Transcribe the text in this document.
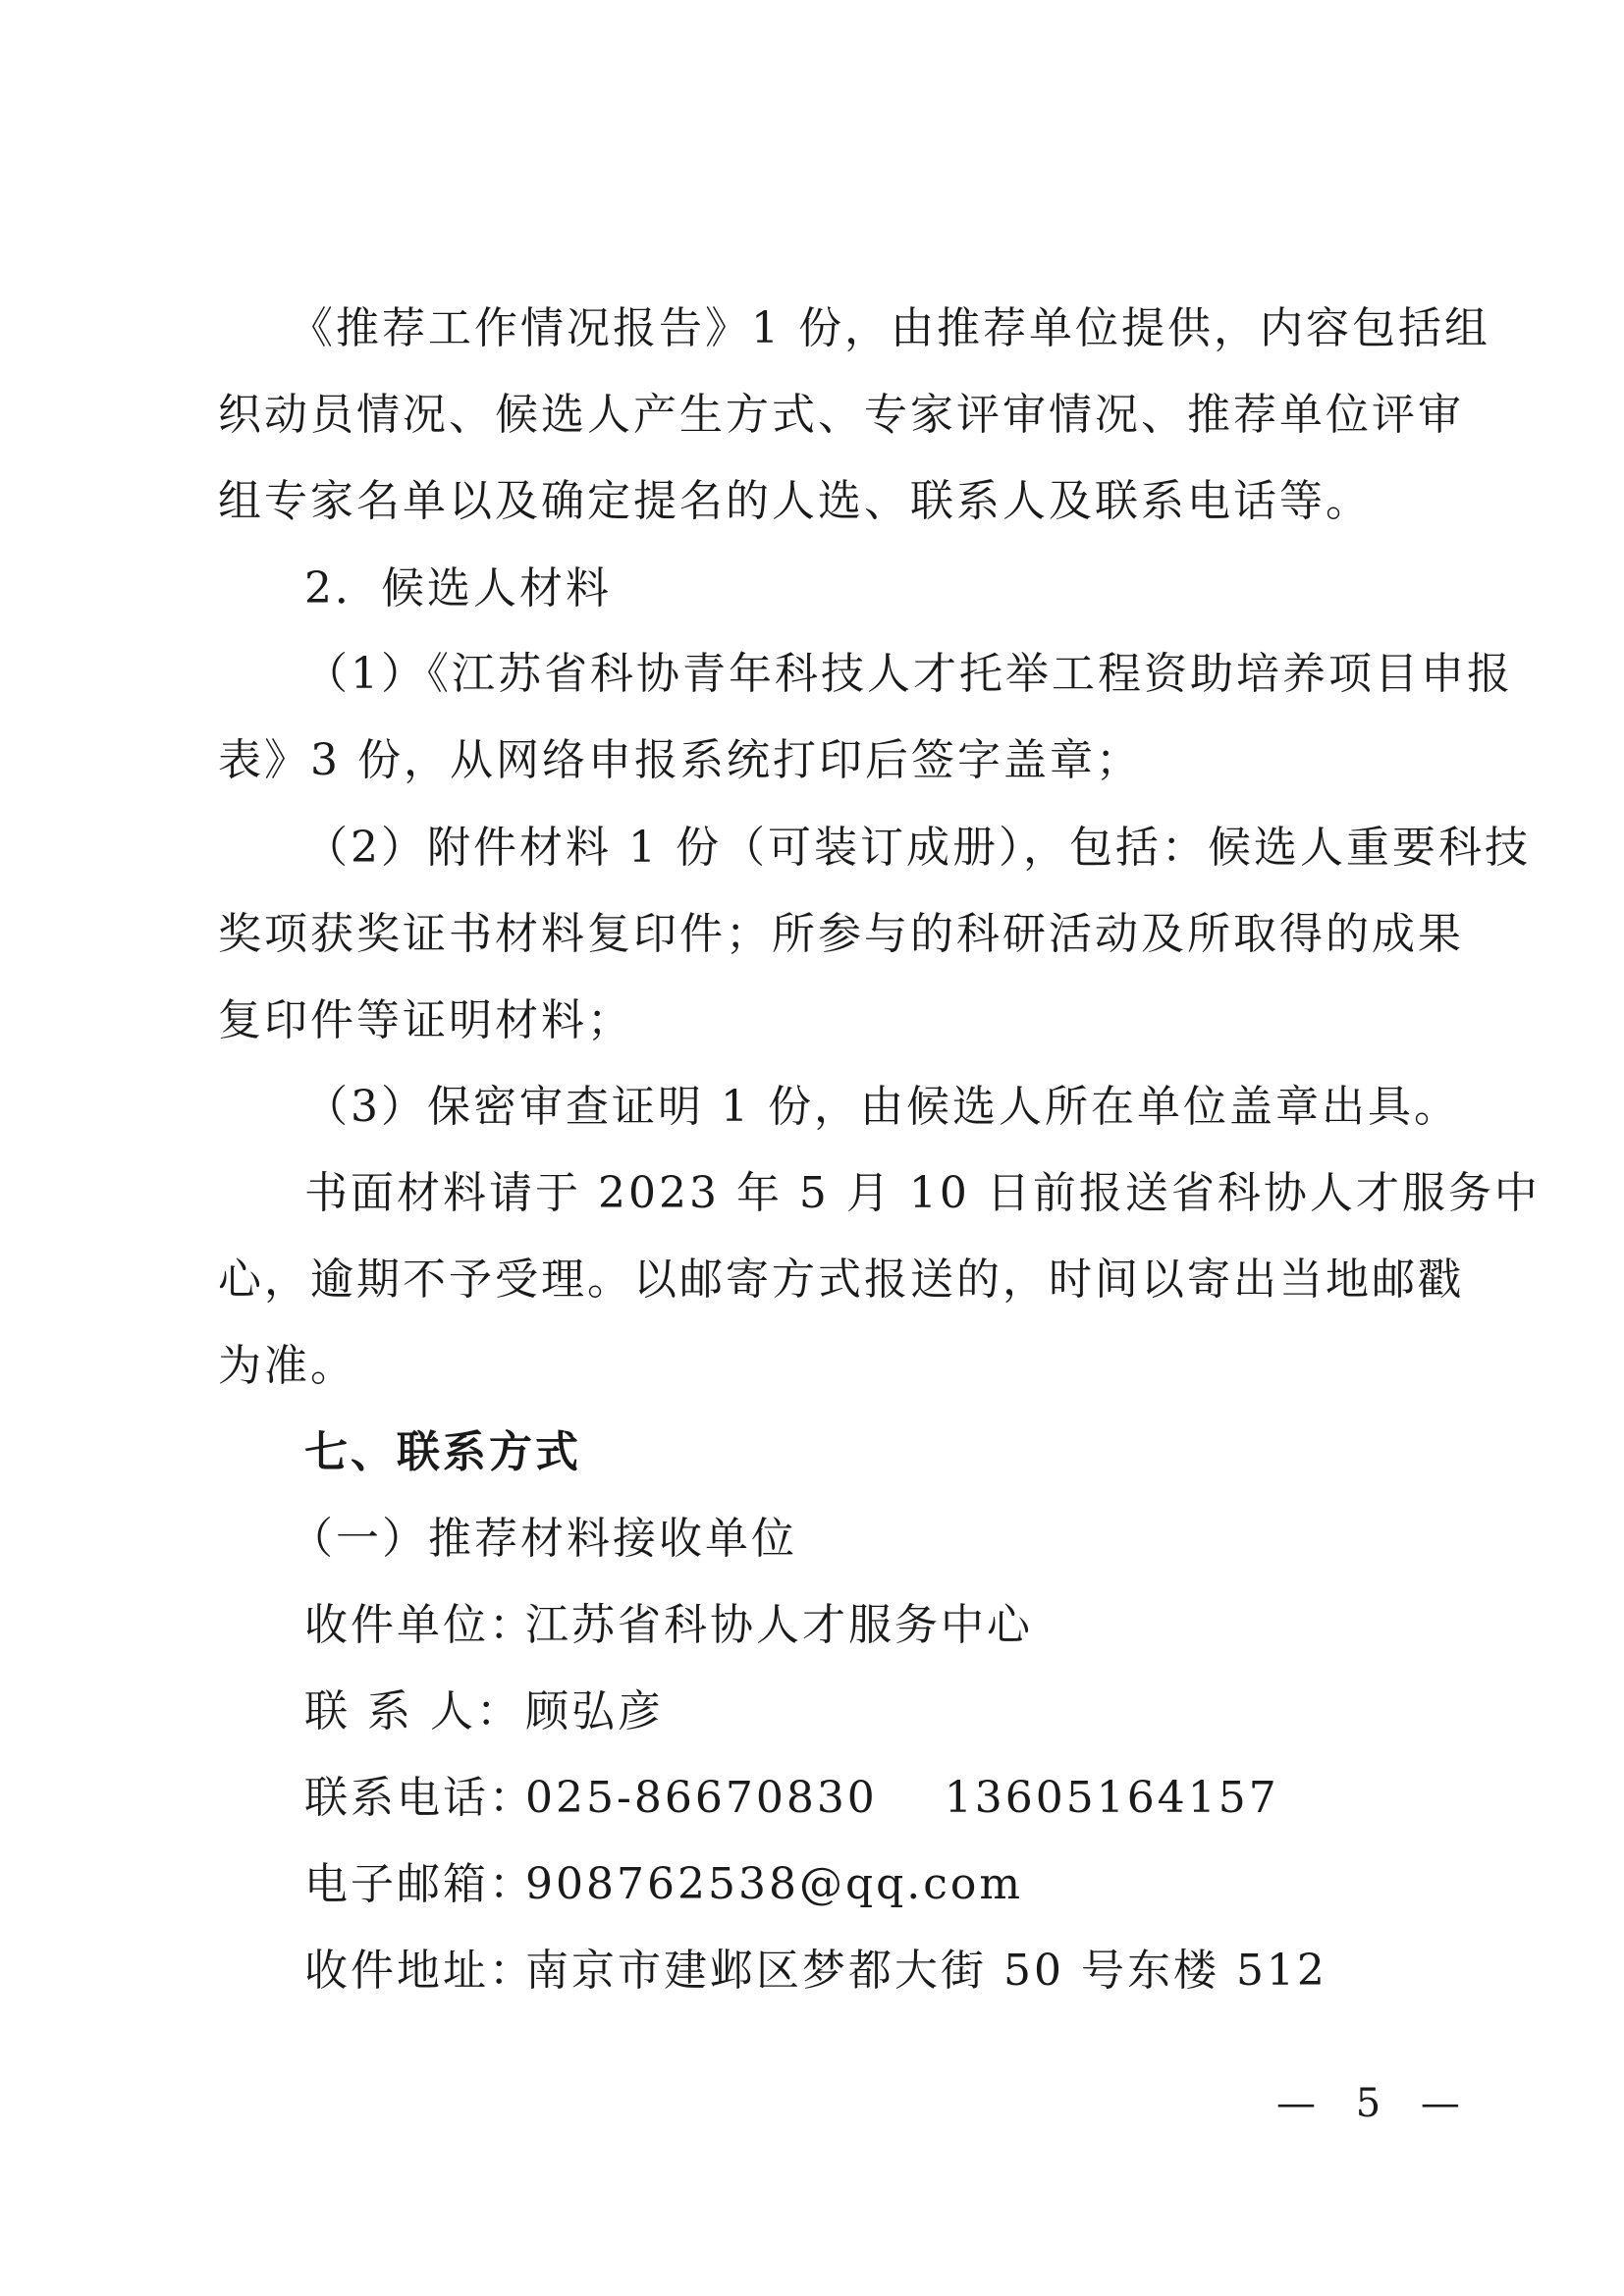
《推荐工作情况报告》1 份，由推荐单位提供，内容包括组
织动员情况、候选人产生方式、专家评审情况、推荐单位评审
组专家名单以及确定提名的人选、联系人及联系电话等。
2．候选人材料
（1）《江苏省科协青年科技人才托举工程资助培养项目申报
表》3 份，从网络申报系统打印后签字盖章；
（2）附件材料 1 份（可装订成册），包括：候选人重要科技
奖项获奖证书材料复印件；所参与的科研活动及所取得的成果
复印件等证明材料；
（3）保密审查证明 1 份，由候选人所在单位盖章出具。
书面材料请于 2023 年 5 月 10 日前报送省科协人才服务中
心，逾期不予受理。以邮寄方式报送的，时间以寄出当地邮戳
为准。
七、联系方式
（一）推荐材料接收单位
收件单位：江苏省科协人才服务中心
联 系 人：顾弘彦
联系电话：025-86670830 13605164157
电子邮箱：908762538@qq.com
收件地址：南京市建邺区梦都大街 50 号东楼 512
— 5 —
